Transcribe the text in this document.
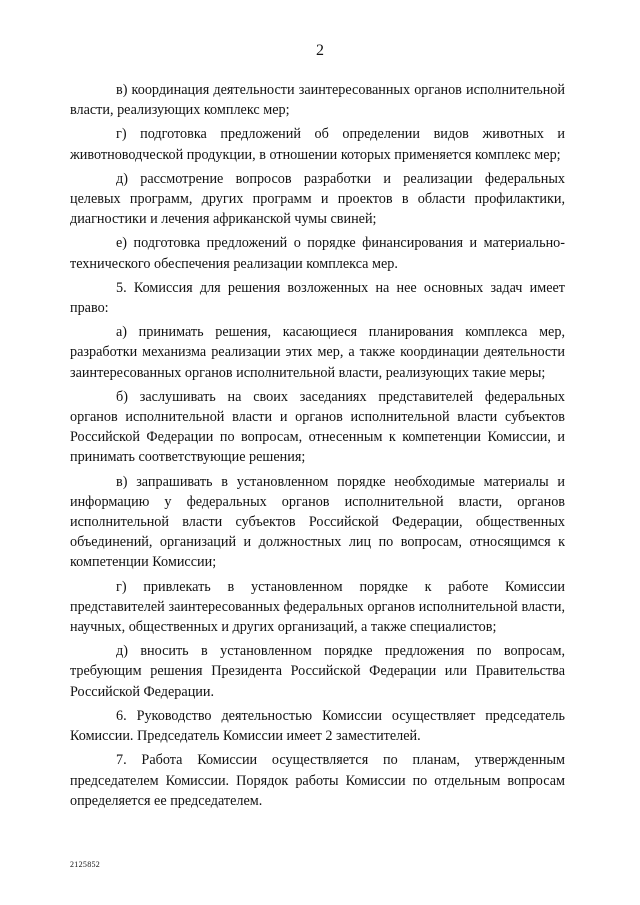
2

в) координация деятельности заинтересованных органов исполнительной власти, реализующих комплекс мер;

г) подготовка предложений об определении видов животных и животноводческой продукции, в отношении которых применяется комплекс мер;

д) рассмотрение вопросов разработки и реализации федеральных целевых программ, других программ и проектов в области профилактики, диагностики и лечения африканской чумы свиней;

е) подготовка предложений о порядке финансирования и материально-технического обеспечения реализации комплекса мер.

5. Комиссия для решения возложенных на нее основных задач имеет право:

а) принимать решения, касающиеся планирования комплекса мер, разработки механизма реализации этих мер, а также координации деятельности заинтересованных органов исполнительной власти, реализующих такие меры;

б) заслушивать на своих заседаниях представителей федеральных органов исполнительной власти и органов исполнительной власти субъектов Российской Федерации по вопросам, отнесенным к компетенции Комиссии, и принимать соответствующие решения;

в) запрашивать в установленном порядке необходимые материалы и информацию у федеральных органов исполнительной власти, органов исполнительной власти субъектов Российской Федерации, общественных объединений, организаций и должностных лиц по вопросам, относящимся к компетенции Комиссии;

г) привлекать в установленном порядке к работе Комиссии представителей заинтересованных федеральных органов исполнительной власти, научных, общественных и других организаций, а также специалистов;

д) вносить в установленном порядке предложения по вопросам, требующим решения Президента Российской Федерации или Правительства Российской Федерации.

6. Руководство деятельностью Комиссии осуществляет председатель Комиссии. Председатель Комиссии имеет 2 заместителей.

7. Работа Комиссии осуществляется по планам, утвержденным председателем Комиссии. Порядок работы Комиссии по отдельным вопросам определяется ее председателем.

2125852
